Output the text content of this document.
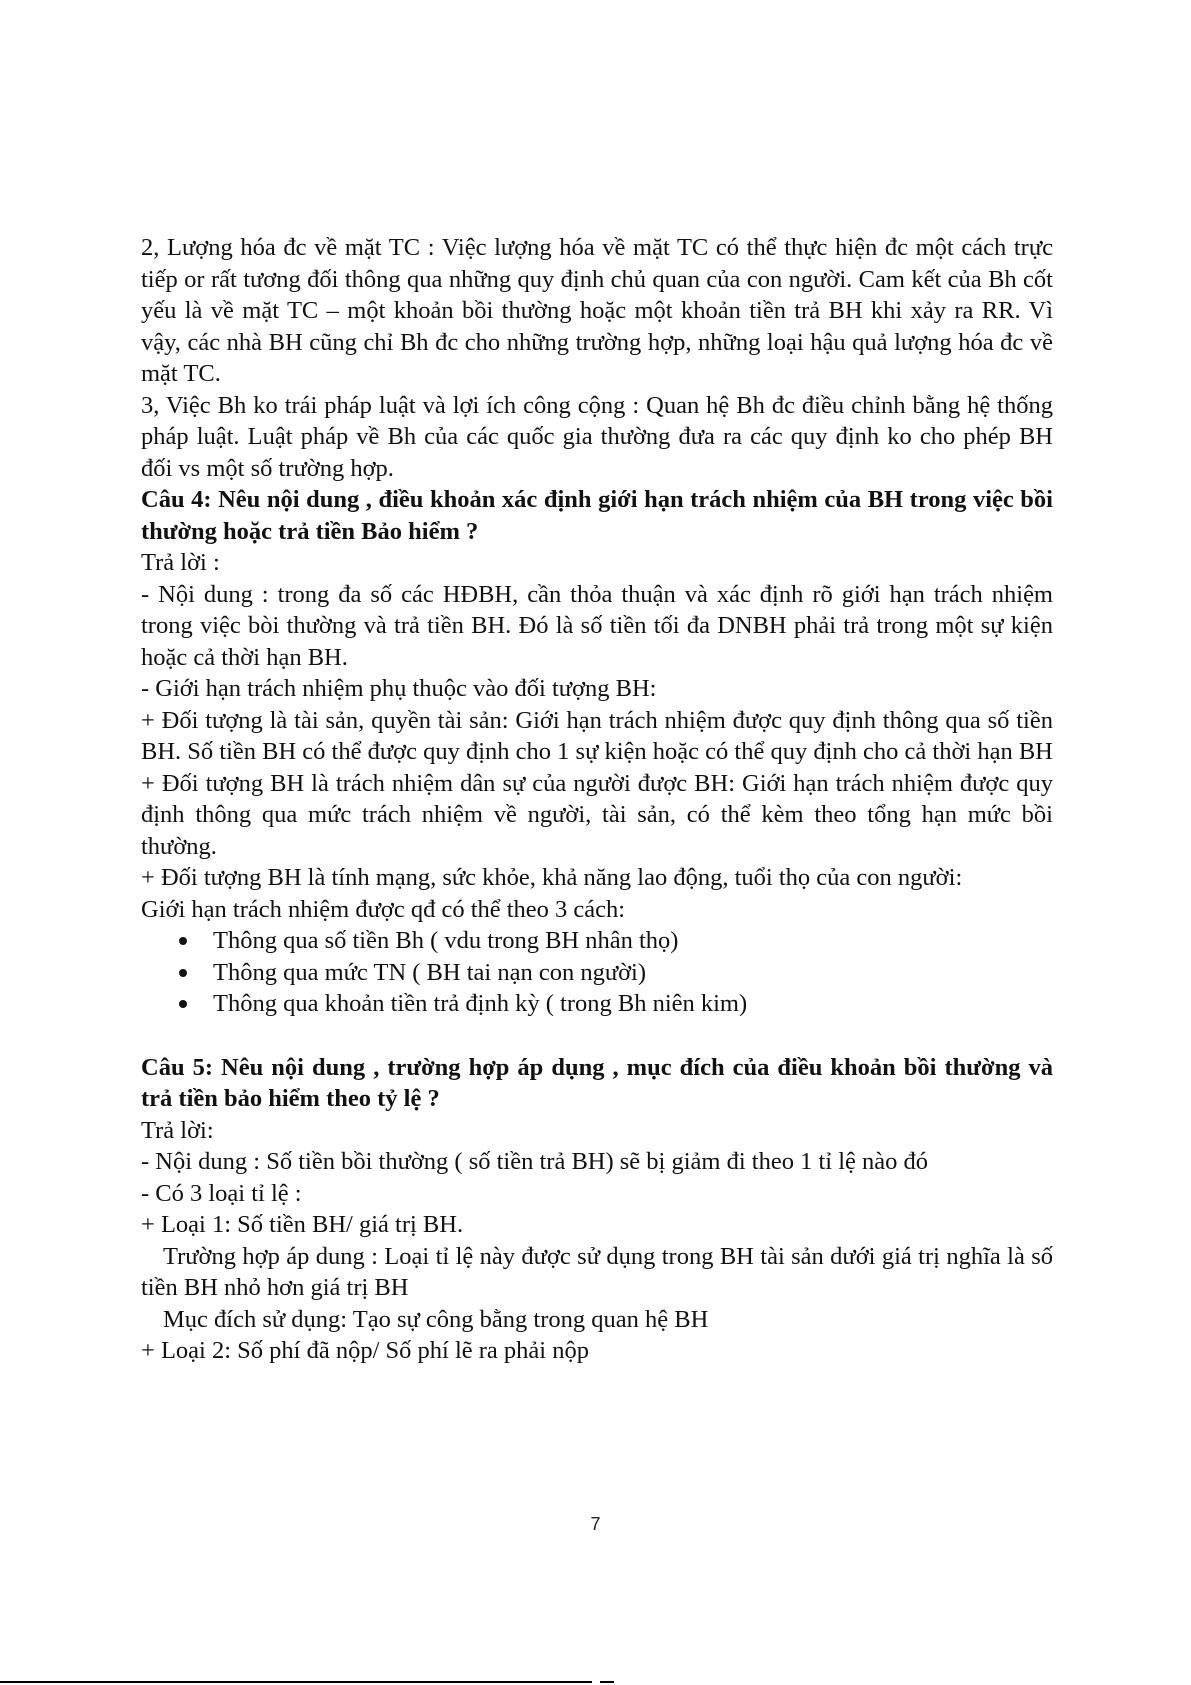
2, Lượng hóa đc về mặt TC : Việc lượng hóa về mặt TC có thể thực hiện đc một cách trực tiếp or rất tương đối thông qua những quy định chủ quan của con người. Cam kết của Bh cốt yếu là về mặt TC – một khoản bồi thường hoặc một khoản tiền trả BH khi xảy ra RR. Vì vậy, các nhà BH cũng chỉ Bh đc cho những trường hợp, những loại hậu quả lượng hóa đc về mặt TC.

3, Việc Bh ko trái pháp luật và lợi ích công cộng : Quan hệ Bh đc điều chỉnh bằng hệ thống pháp luật. Luật pháp về Bh của các quốc gia thường đưa ra các quy định ko cho phép BH đối vs một số trường hợp.

Câu 4: Nêu nội dung , điều khoản xác định giới hạn trách nhiệm của BH trong việc bồi thường hoặc trả tiền Bảo hiểm ?

Trả lời :

- Nội dung : trong đa số các HĐBH, cần thỏa thuận và xác định rõ giới hạn trách nhiệm trong việc bòi thường và trả tiền BH. Đó là số tiền tối đa DNBH phải trả trong một sự kiện hoặc cả thời hạn BH.

- Giới hạn trách nhiệm phụ thuộc vào đối tượng BH:

+ Đối tượng là tài sản, quyền tài sản: Giới hạn trách nhiệm được quy định thông qua số tiền BH. Số tiền BH có thể được quy định cho 1 sự kiện hoặc có thể quy định cho cả thời hạn BH

+ Đối tượng BH là trách nhiệm dân sự của người được BH: Giới hạn trách nhiệm được quy định thông qua mức trách nhiệm về người, tài sản, có thể kèm theo tổng hạn mức bồi thường.

+ Đối tượng BH là tính mạng, sức khỏe, khả năng lao động, tuổi thọ của con người:

Giới hạn trách nhiệm được qđ có thể theo 3 cách:

Thông qua số tiền Bh ( vdu trong BH nhân thọ)
Thông qua mức TN ( BH tai nạn con người)
Thông qua khoản tiền trả định kỳ ( trong Bh niên kim)

Câu 5: Nêu nội dung , trường hợp áp dụng , mục đích của điều khoản bồi thường và trả tiền bảo hiểm theo tỷ lệ ?

Trả lời:

- Nội dung : Số tiền bồi thường ( số tiền trả BH) sẽ bị giảm đi theo 1 tỉ lệ nào đó

- Có 3 loại tỉ lệ :

+ Loại 1: Số tiền BH/ giá trị BH.

Trường hợp áp dung : Loại tỉ lệ này được sử dụng trong BH tài sản dưới giá trị nghĩa là số tiền BH nhỏ hơn giá trị BH

Mục đích sử dụng: Tạo sự công bằng trong quan hệ BH

+ Loại 2: Số phí đã nộp/ Số phí lẽ ra phải nộp

7
